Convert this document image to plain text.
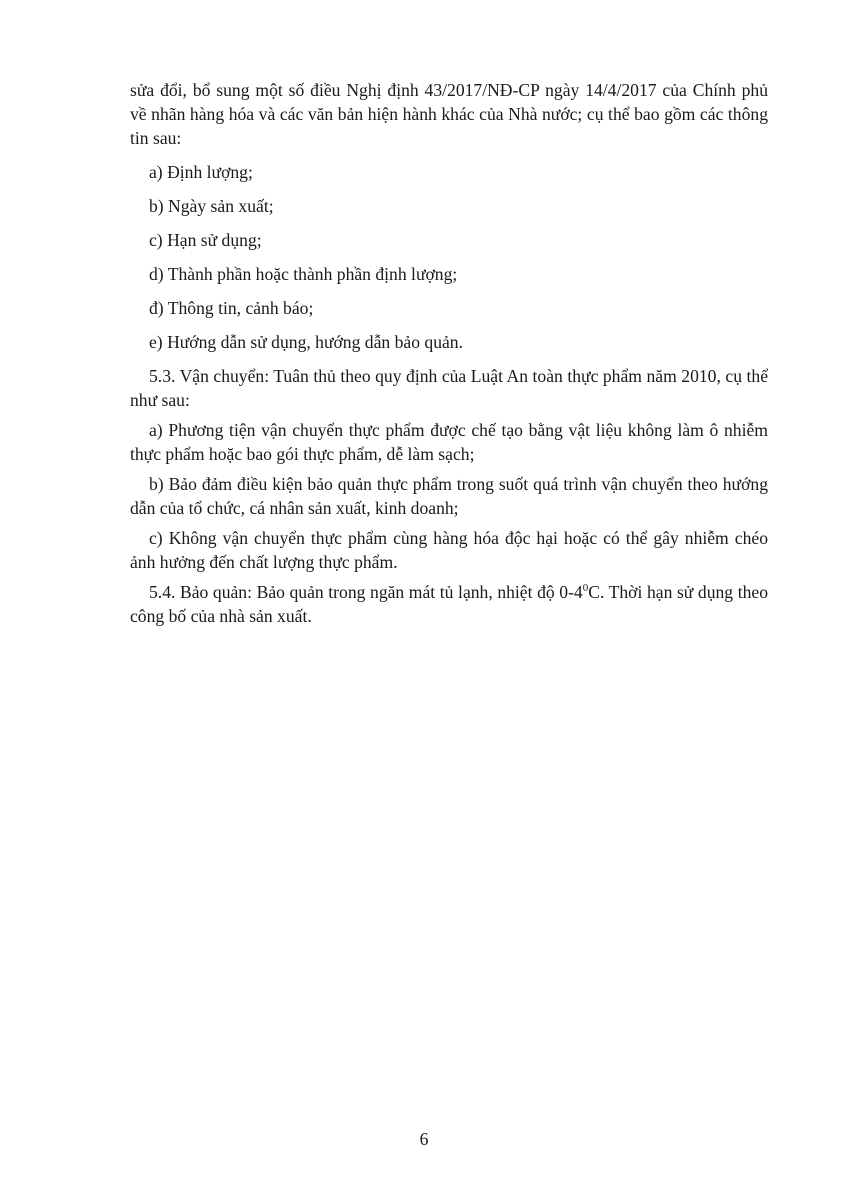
sửa đổi, bổ sung một số điều Nghị định 43/2017/NĐ-CP ngày 14/4/2017 của Chính phủ về nhãn hàng hóa và các văn bản hiện hành khác của Nhà nước; cụ thể bao gồm các thông tin sau:

a) Định lượng;

b) Ngày sản xuất;

c) Hạn sử dụng;

d) Thành phần hoặc thành phần định lượng;

đ) Thông tin, cảnh báo;

e) Hướng dẫn sử dụng, hướng dẫn bảo quản.

5.3. Vận chuyển: Tuân thủ theo quy định của Luật An toàn thực phẩm năm 2010, cụ thể như sau:

a) Phương tiện vận chuyển thực phẩm được chế tạo bằng vật liệu không làm ô nhiễm thực phẩm hoặc bao gói thực phẩm, dễ làm sạch;

b) Bảo đảm điều kiện bảo quản thực phẩm trong suốt quá trình vận chuyển theo hướng dẫn của tổ chức, cá nhân sản xuất, kinh doanh;

c) Không vận chuyển thực phẩm cùng hàng hóa độc hại hoặc có thể gây nhiễm chéo ảnh hưởng đến chất lượng thực phẩm.

5.4. Bảo quản: Bảo quản trong ngăn mát tủ lạnh, nhiệt độ $0-4^0C$. Thời hạn sử dụng theo công bố của nhà sản xuất.

6
